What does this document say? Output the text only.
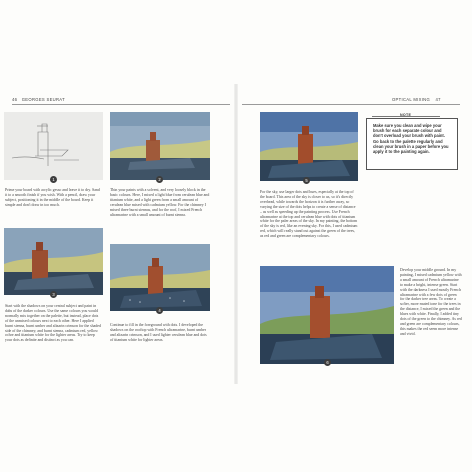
46 GEORGES SEURAT	OPTICAL MIXING 47
1

Prime your board with acrylic gesso and leave it to dry. Sand it to a smooth finish if you wish. With a pencil, draw your subject, positioning it in the middle of the board. Keep it simple and don't draw in too much.

2

Thin your paints with a solvent, and very loosely block in the basic colours. Here, I mixed a light blue from cerulean blue and titanium white, and a light green from a small amount of cerulean blue mixed with cadmium yellow. For the chimney I mixed three burnt siennas, and for the roof, I mixed French ultramarine with a small amount of burnt sienna.

3

Start with the shadows on your central subject and paint in dabs of the darker colours. Use the same colours you would normally mix together on the palette, but instead, place dots of the unmixed colours next to each other. Here I applied burnt sienna, burnt umber and alizarin crimson for the shaded side of the chimney, and burnt sienna, cadmium red, yellow ochre and titanium white for the lighter areas. Try to keep your dots as definite and distinct as you can.

4

Continue to fill in the foreground with dots. I developed the shadows on the rooftop with French ultramarine, burnt umber and alizarin crimson, and I used lighter cerulean blue and dots of titanium white for lighter areas.

5

For the sky, use larger dots and hues, especially at the top of the board. This area of the sky is closer to us, so it's directly overhead, while towards the horizon it is further away, so varying the size of the dots helps to create a sense of distance – as well as speeding up the painting process. Use French ultramarine at the top and cerulean blue with dots of titanium white for the paler areas of the sky. In my painting, the bottom of the sky is red, like an evening sky. For this, I used cadmium red, which will really stand out against the green of the trees, as red and green are complementary colours.

NOTE
Make sure you clean and wipe your brush for each separate colour and don't overload your brush with paint. Go back to the palette regularly and clean your brush in a paper before you apply it to the painting again.
6

Develop your middle ground. In my painting, I mixed cadmium yellow with a small amount of French ultramarine to make a bright, intense green. Start with the darkness I used mostly French ultramarine with a few dots of green for the darker tree areas. To create a softer, more muted tone for the trees in the distance, I mixed the green and the blues with white. Finally, I added tiny dots of the green to the chimney. As red and green are complementary colours, this makes the red seem more intense and vivid.
